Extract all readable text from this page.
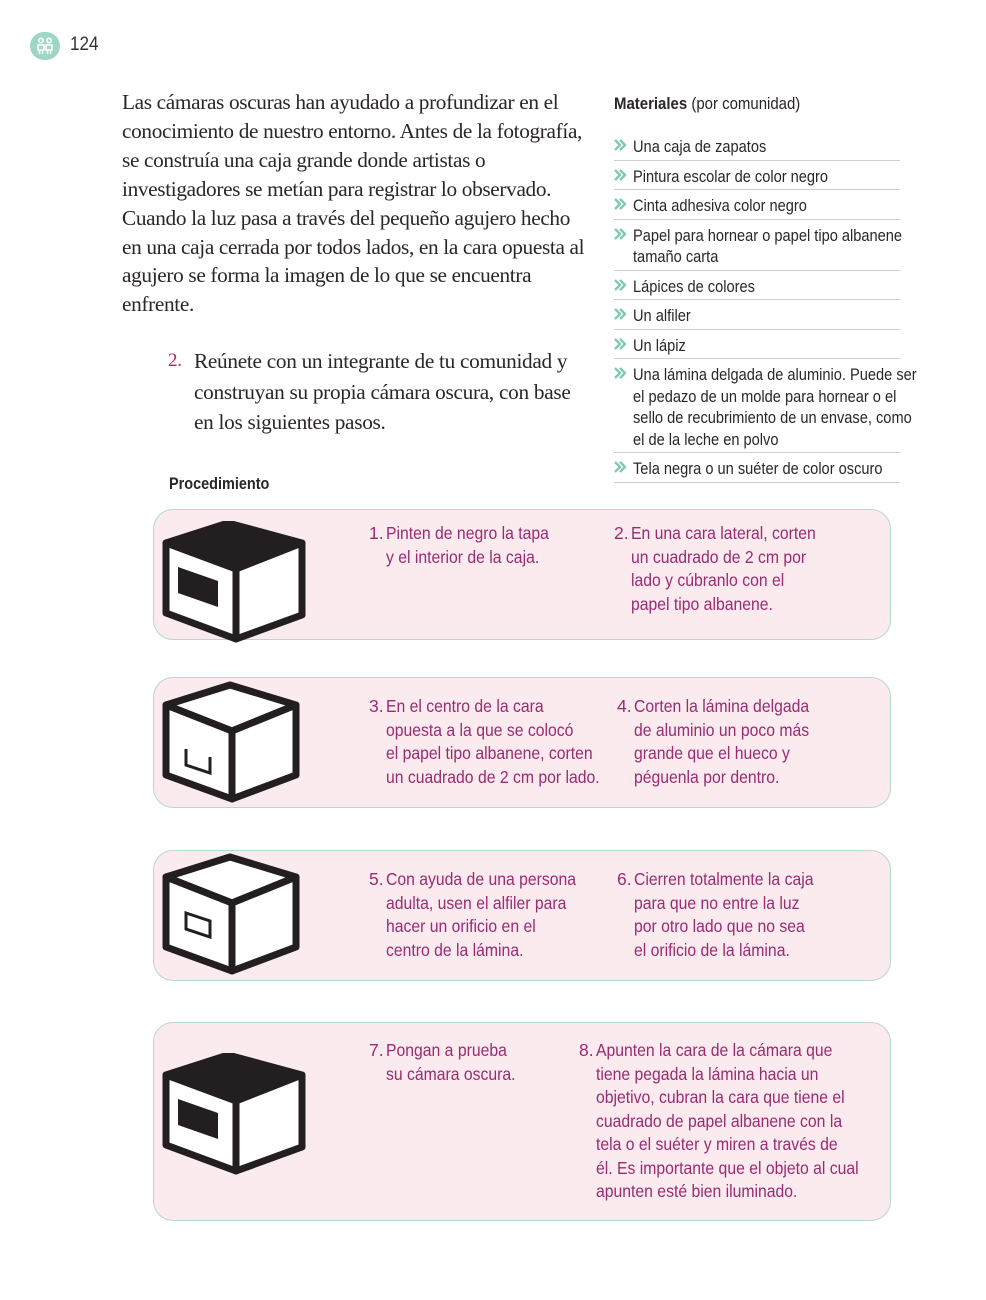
124

Las cámaras oscuras han ayudado a profundizar en el conocimiento de nuestro entorno. Antes de la fotografía, se construía una caja grande donde artistas o investigadores se metían para registrar lo observado. Cuando la luz pasa a través del pequeño agujero hecho en una caja cerrada por todos lados, en la cara opuesta al agujero se forma la imagen de lo que se encuentra enfrente.

2. Reúnete con un integrante de tu comunidad y construyan su propia cámara oscura, con base en los siguientes pasos.
Materiales (por comunidad)
Una caja de zapatos
Pintura escolar de color negro
Cinta adhesiva color negro
Papel para hornear o papel tipo albanene tamaño carta
Lápices de colores
Un alfiler
Un lápiz
Una lámina delgada de aluminio. Puede ser el pedazo de un molde para hornear o el sello de recubrimiento de un envase, como el de la leche en polvo
Tela negra o un suéter de color oscuro
Procedimiento
1. Pinten de negro la tapa
y el interior de la caja.
2. En una cara lateral, corten
un cuadrado de 2 cm por
lado y cúbranlo con el
papel tipo albanene.
3. En el centro de la cara
opuesta a la que se colocó
el papel tipo albanene, corten
un cuadrado de 2 cm por lado.
4. Corten la lámina delgada
de aluminio un poco más
grande que el hueco y
péguenla por dentro.
5. Con ayuda de una persona
adulta, usen el alfiler para
hacer un orificio en el
centro de la lámina.
6. Cierren totalmente la caja
para que no entre la luz
por otro lado que no sea
el orificio de la lámina.
7. Pongan a prueba
su cámara oscura.
8. Apunten la cara de la cámara que
tiene pegada la lámina hacia un
objetivo, cubran la cara que tiene el
cuadrado de papel albanene con la
tela o el suéter y miren a través de
él. Es importante que el objeto al cual
apunten esté bien iluminado.
